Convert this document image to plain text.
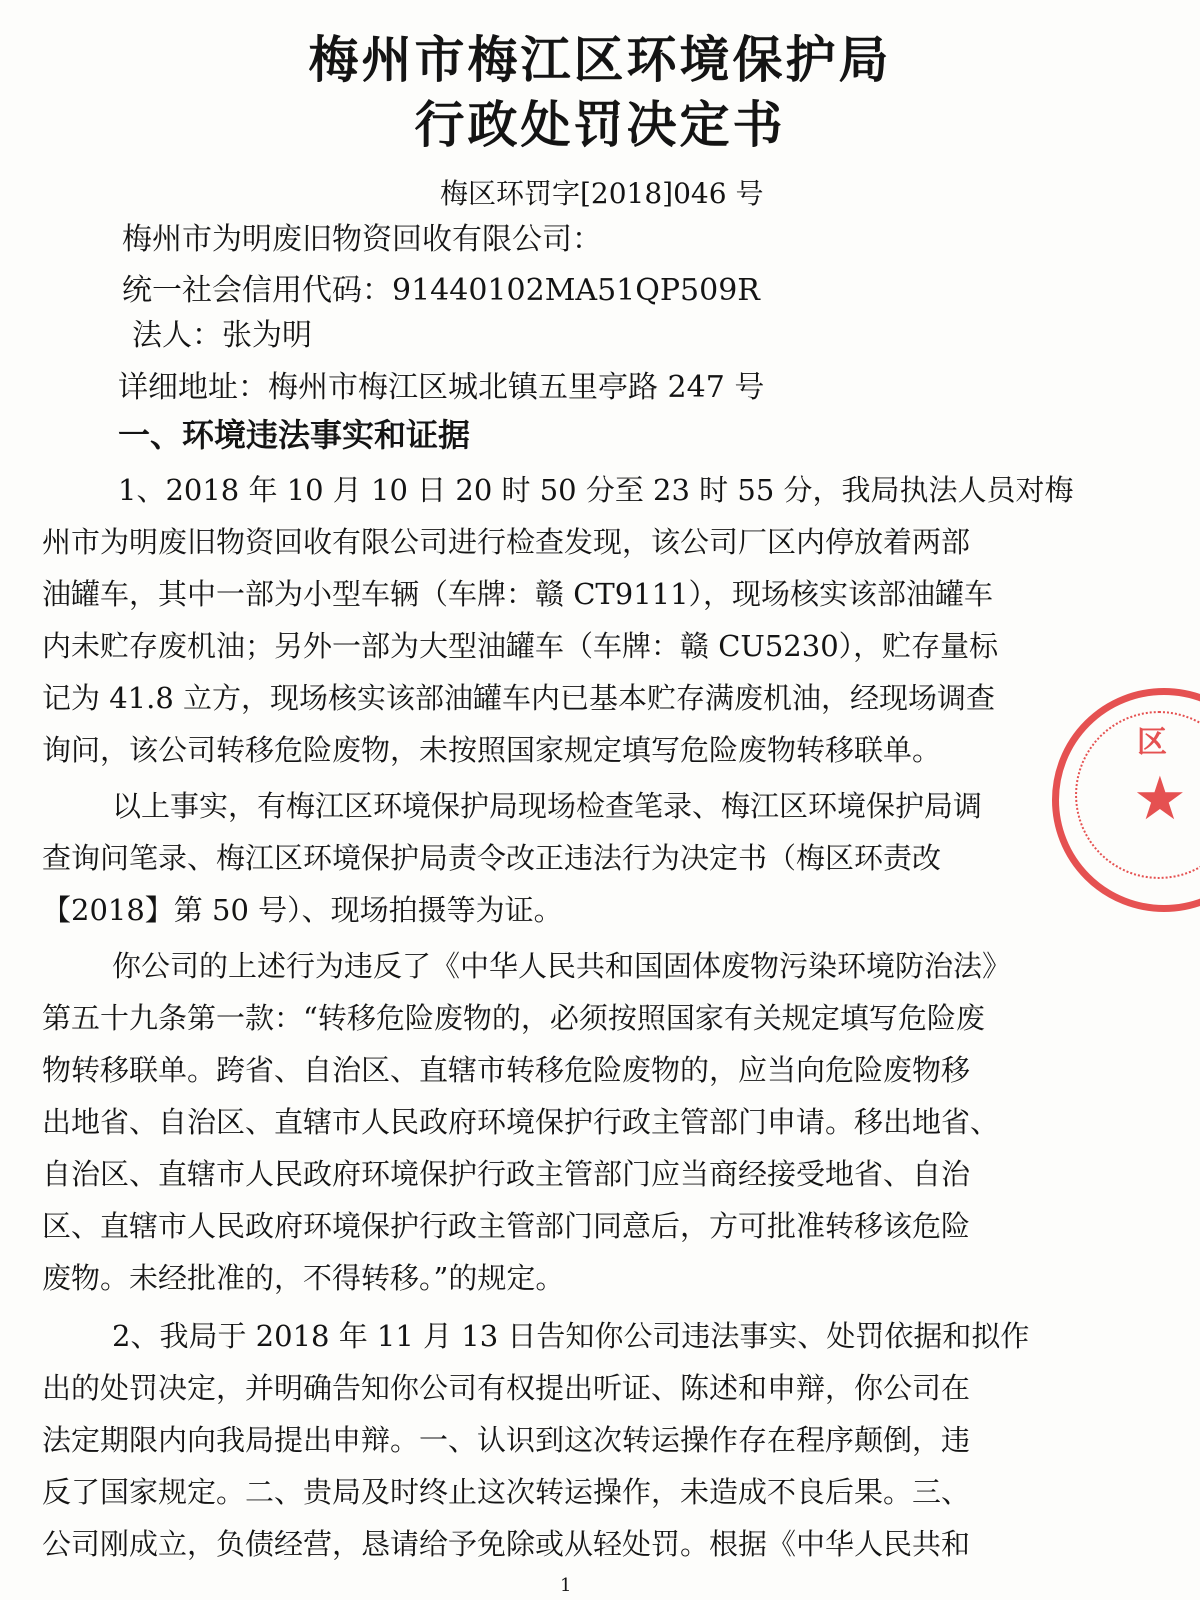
梅州市梅江区环境保护局
行政处罚决定书
梅区环罚字[2018]046 号
梅州市为明废旧物资回收有限公司：
统一社会信用代码：91440102MA51QP509R
法人：张为明
详细地址：梅州市梅江区城北镇五里亭路 247 号
一、环境违法事实和证据
1、2018 年 10 月 10 日 20 时 50 分至 23 时 55 分，我局执法人员对梅
州市为明废旧物资回收有限公司进行检查发现，该公司厂区内停放着两部
油罐车，其中一部为小型车辆（车牌：赣 CT9111），现场核实该部油罐车
内未贮存废机油；另外一部为大型油罐车（车牌：赣 CU5230），贮存量标
记为 41.8 立方，现场核实该部油罐车内已基本贮存满废机油，经现场调查
询问，该公司转移危险废物，未按照国家规定填写危险废物转移联单。
以上事实，有梅江区环境保护局现场检查笔录、梅江区环境保护局调
查询问笔录、梅江区环境保护局责令改正违法行为决定书（梅区环责改
【2018】第 50 号）、现场拍摄等为证。
你公司的上述行为违反了《中华人民共和国固体废物污染环境防治法》
第五十九条第一款：“转移危险废物的，必须按照国家有关规定填写危险废
物转移联单。跨省、自治区、直辖市转移危险废物的，应当向危险废物移
出地省、自治区、直辖市人民政府环境保护行政主管部门申请。移出地省、
自治区、直辖市人民政府环境保护行政主管部门应当商经接受地省、自治
区、直辖市人民政府环境保护行政主管部门同意后，方可批准转移该危险
废物。未经批准的，不得转移。”的规定。
2、我局于 2018 年 11 月 13 日告知你公司违法事实、处罚依据和拟作
出的处罚决定，并明确告知你公司有权提出听证、陈述和申辩，你公司在
法定期限内向我局提出申辩。一、认识到这次转运操作存在程序颠倒，违
反了国家规定。二、贵局及时终止这次转运操作，未造成不良后果。三、
公司刚成立，负债经营，恳请给予免除或从轻处罚。根据《中华人民共和
1
区
★
